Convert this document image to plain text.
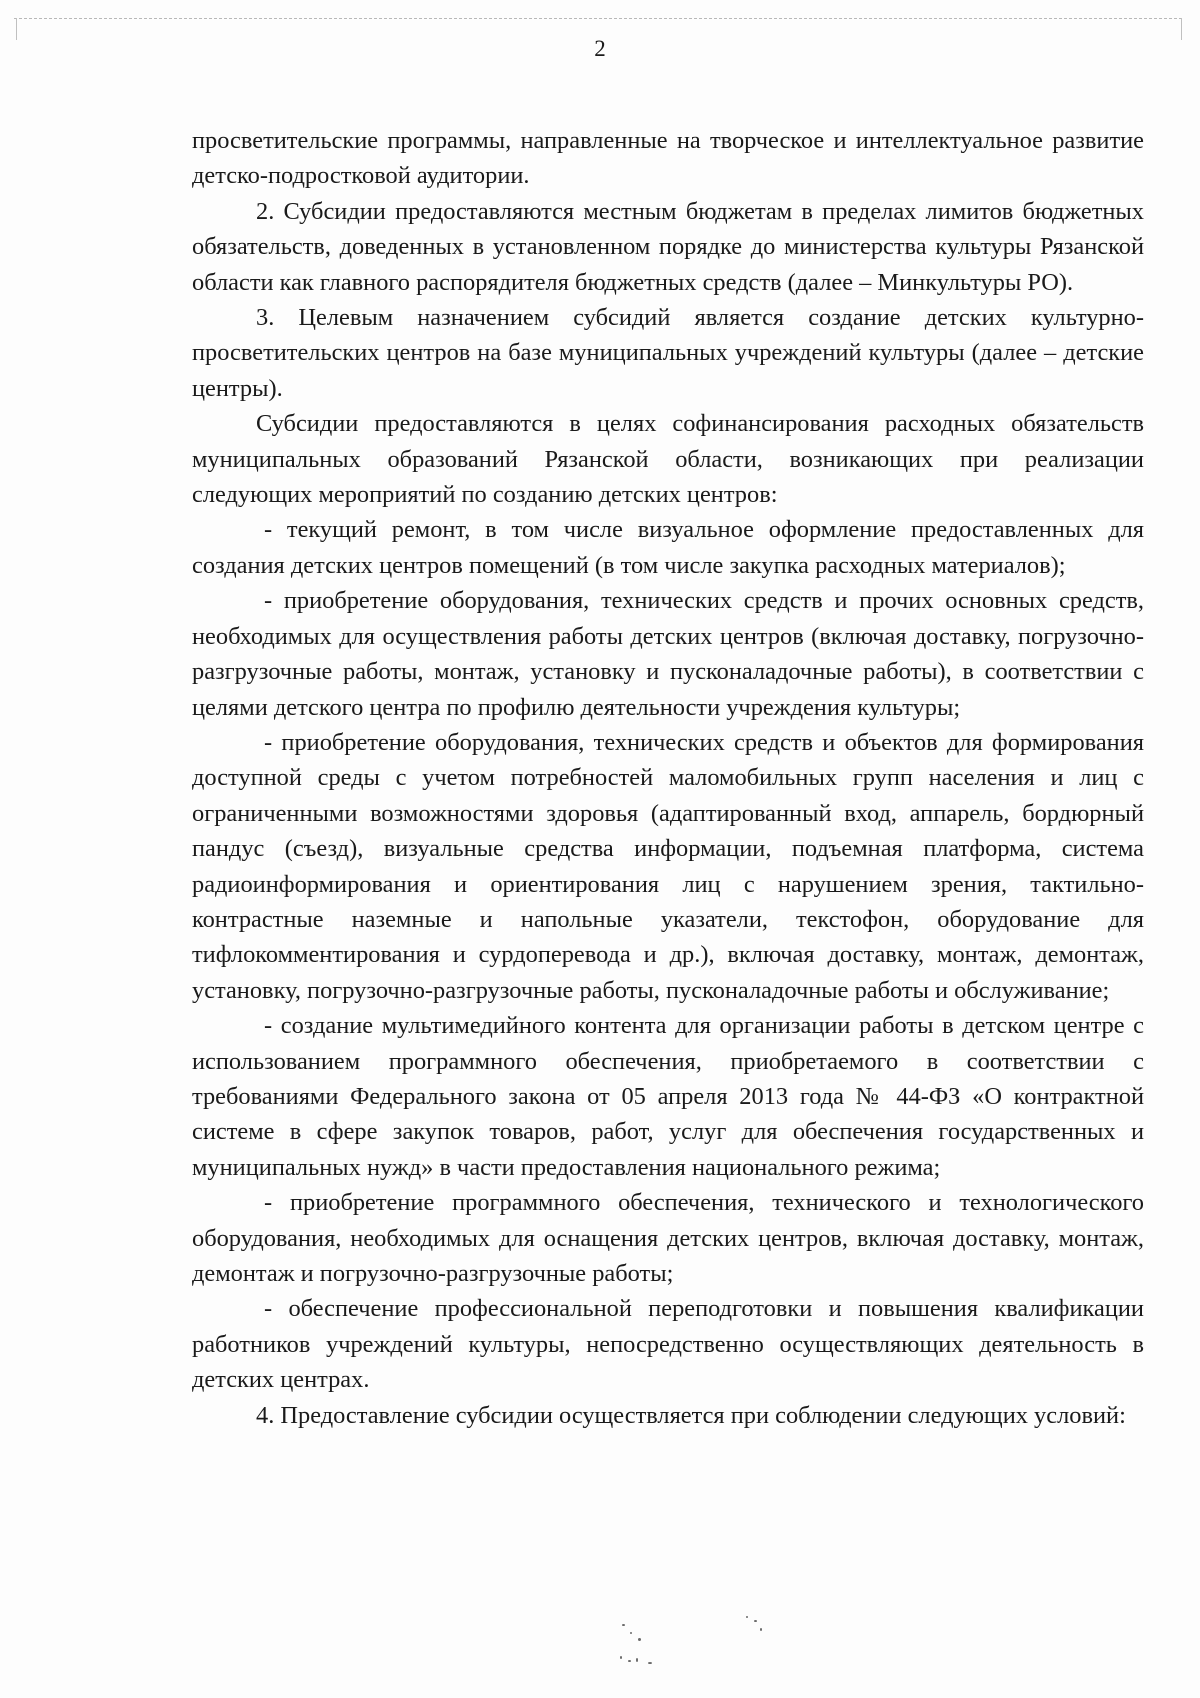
2

просветительские программы, направленные на творческое и интеллектуальное развитие детско-подростковой аудитории.

2. Субсидии предоставляются местным бюджетам в пределах лимитов бюджетных обязательств, доведенных в установленном порядке до министерства культуры Рязанской области как главного распорядителя бюджетных средств (далее – Минкультуры РО).

3. Целевым назначением субсидий является создание детских культурно-просветительских центров на базе муниципальных учреждений культуры (далее – детские центры).

Субсидии предоставляются в целях софинансирования расходных обязательств муниципальных образований Рязанской области, возникающих при реализации следующих мероприятий по созданию детских центров:

- текущий ремонт, в том числе визуальное оформление предоставленных для создания детских центров помещений (в том числе закупка расходных материалов);

- приобретение оборудования, технических средств и прочих основных средств, необходимых для осуществления работы детских центров (включая доставку, погрузочно-разгрузочные работы, монтаж, установку и пусконаладочные работы), в соответствии с целями детского центра по профилю деятельности учреждения культуры;

- приобретение оборудования, технических средств и объектов для формирования доступной среды с учетом потребностей маломобильных групп населения и лиц с ограниченными возможностями здоровья (адаптированный вход, аппарель, бордюрный пандус (съезд), визуальные средства информации, подъемная платформа, система радиоинформирования и ориентирования лиц с нарушением зрения, тактильно-контрастные наземные и напольные указатели, текстофон, оборудование для тифлокомментирования и сурдоперевода и др.), включая доставку, монтаж, демонтаж, установку, погрузочно-разгрузочные работы, пусконаладочные работы и обслуживание;

- создание мультимедийного контента для организации работы в детском центре с использованием программного обеспечения, приобретаемого в соответствии с требованиями Федерального закона от 05 апреля 2013 года № 44-ФЗ «О контрактной системе в сфере закупок товаров, работ, услуг для обеспечения государственных и муниципальных нужд» в части предоставления национального режима;

- приобретение программного обеспечения, технического и технологического оборудования, необходимых для оснащения детских центров, включая доставку, монтаж, демонтаж и погрузочно-разгрузочные работы;

- обеспечение профессиональной переподготовки и повышения квалификации работников учреждений культуры, непосредственно осуществляющих деятельность в детских центрах.

4. Предоставление субсидии осуществляется при соблюдении следующих условий:
